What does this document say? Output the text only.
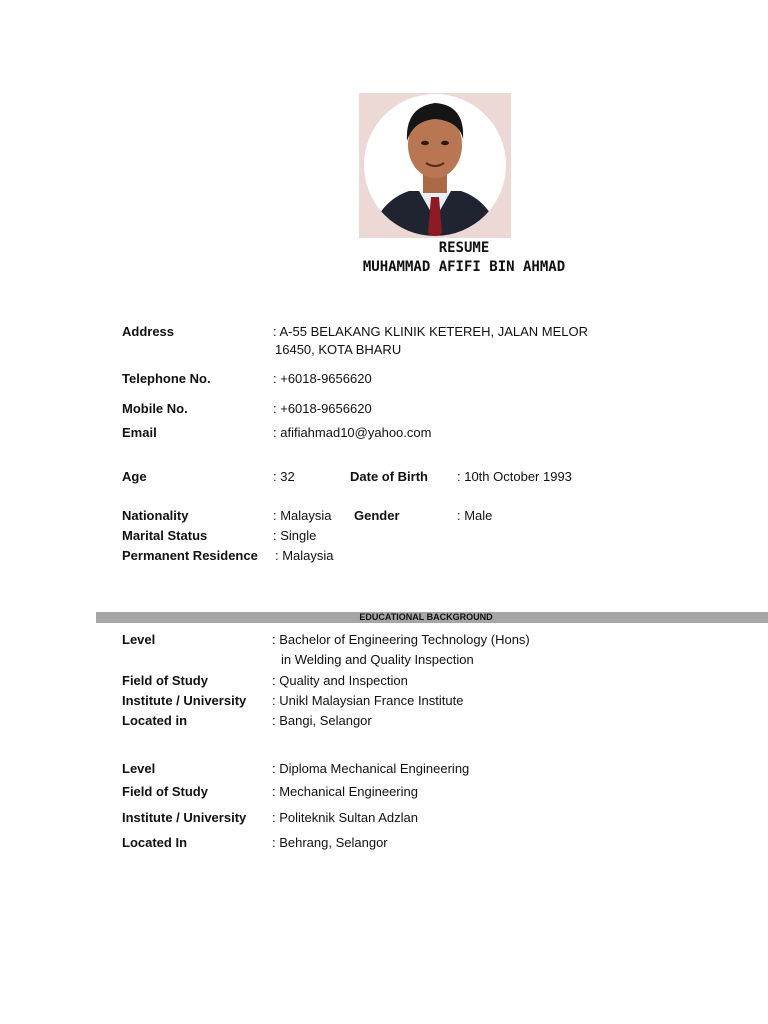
RESUME
MUHAMMAD AFIFI BIN AHMAD
Address	: A-55 BELAKANG KLINIK KETEREH, JALAN MELOR
16450, KOTA BHARU
Telephone No.	: +6018-9656620
Mobile No.	: +6018-9656620
Email	: afifiahmad10@yahoo.com
Age	: 32	Date of Birth : 10th October 1993
Nationality	: Malaysia Gender	: Male
Marital Status	: Single
Permanent Residence : Malaysia
EDUCATIONAL BACKGROUND
Level	: Bachelor of Engineering Technology (Hons)
in Welding and Quality Inspection
Field of Study	: Quality and Inspection
Institute / University : Unikl Malaysian France Institute
Located in	: Bangi, Selangor
Level	: Diploma Mechanical Engineering
Field of Study	: Mechanical Engineering
Institute / University : Politeknik Sultan Adzlan
Located In	: Behrang, Selangor
